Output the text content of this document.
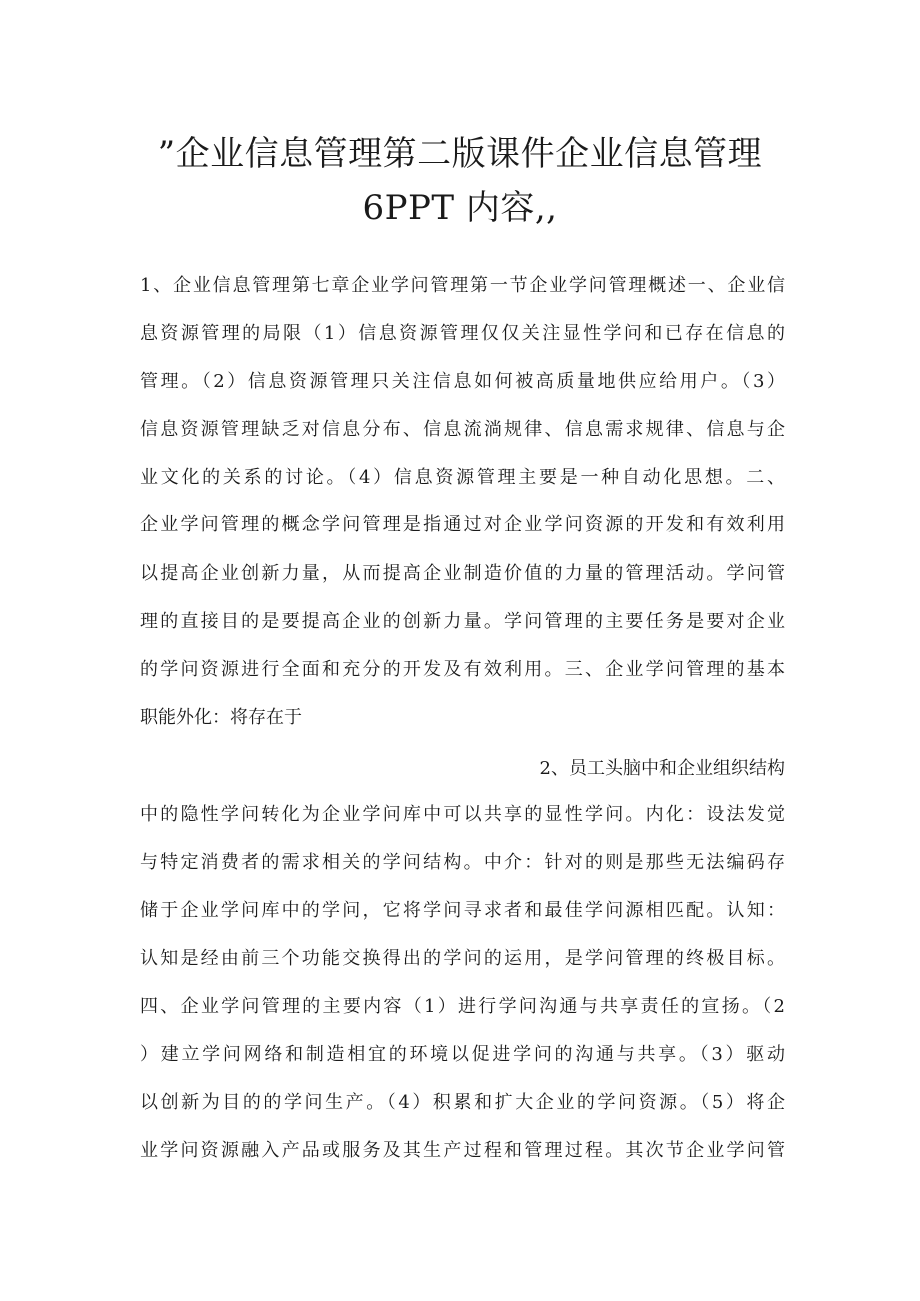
”企业信息管理第二版课件企业信息管理
6PPT 内容,,

1、企业信息管理第七章企业学问管理第一节企业学问管理概述一、企业信

息资源管理的局限（1）信息资源管理仅仅关注显性学问和已存在信息的

管理。（2）信息资源管理只关注信息如何被高质量地供应给用户。（3）

信息资源管理缺乏对信息分布、信息流淌规律、信息需求规律、信息与企

业文化的关系的讨论。（4）信息资源管理主要是一种自动化思想。二、

企业学问管理的概念学问管理是指通过对企业学问资源的开发和有效利用

以提高企业创新力量，从而提高企业制造价值的力量的管理活动。学问管

理的直接目的是要提高企业的创新力量。学问管理的主要任务是要对企业

的学问资源进行全面和充分的开发及有效利用。三、企业学问管理的基本

职能外化：将存在于

2、员工头脑中和企业组织结构

中的隐性学问转化为企业学问库中可以共享的显性学问。内化：设法发觉

与特定消费者的需求相关的学问结构。中介：针对的则是那些无法编码存

储于企业学问库中的学问，它将学问寻求者和最佳学问源相匹配。认知：

认知是经由前三个功能交换得出的学问的运用，是学问管理的终极目标。

四、企业学问管理的主要内容（1）进行学问沟通与共享责任的宣扬。（2

）建立学问网络和制造相宜的环境以促进学问的沟通与共享。（3）驱动

以创新为目的的学问生产。（4）积累和扩大企业的学问资源。（5）将企

业学问资源融入产品或服务及其生产过程和管理过程。其次节企业学问管
